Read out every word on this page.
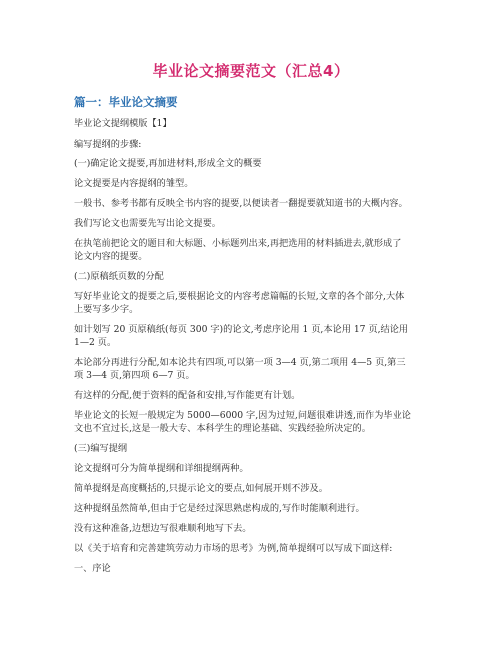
毕业论文摘要范文（汇总4）
篇一：毕业论文摘要
毕业论文提纲模版【1】
编写提纲的步骤:
(一)确定论文提要,再加进材料,形成全文的概要
论文提要是内容提纲的雏型。
一般书、参考书都有反映全书内容的提要,以便读者一翻提要就知道书的大概内容。
我们写论文也需要先写出论文提要。
在执笔前把论文的题目和大标题、小标题列出来,再把选用的材料插进去,就形成了
论文内容的提要。
(二)原稿纸页数的分配
写好毕业论文的提要之后,要根据论文的内容考虑篇幅的长短,文章的各个部分,大体
上要写多少字。
如计划写 20 页原稿纸(每页 300 字)的论文,考虑序论用 1 页,本论用 17 页,结论用
1—2 页。
本论部分再进行分配,如本论共有四项,可以第一项 3—4 页,第二项用 4—5 页,第三
项 3—4 页,第四项 6—7 页。
有这样的分配,便于资料的配备和安排,写作能更有计划。
毕业论文的长短一般规定为 5000—6000 字,因为过短,问题很难讲透,而作为毕业论
文也不宜过长,这是一般大专、本科学生的理论基础、实践经验所决定的。
(三)编写提纲
论文提纲可分为简单提纲和详细提纲两种。
简单提纲是高度概括的,只提示论文的要点,如何展开则不涉及。
这种提纲虽然简单,但由于它是经过深思熟虑构成的,写作时能顺利进行。
没有这种准备,边想边写很难顺利地写下去。
以《关于培育和完善建筑劳动力市场的思考》为例,简单提纲可以写成下面这样:
一、序论
